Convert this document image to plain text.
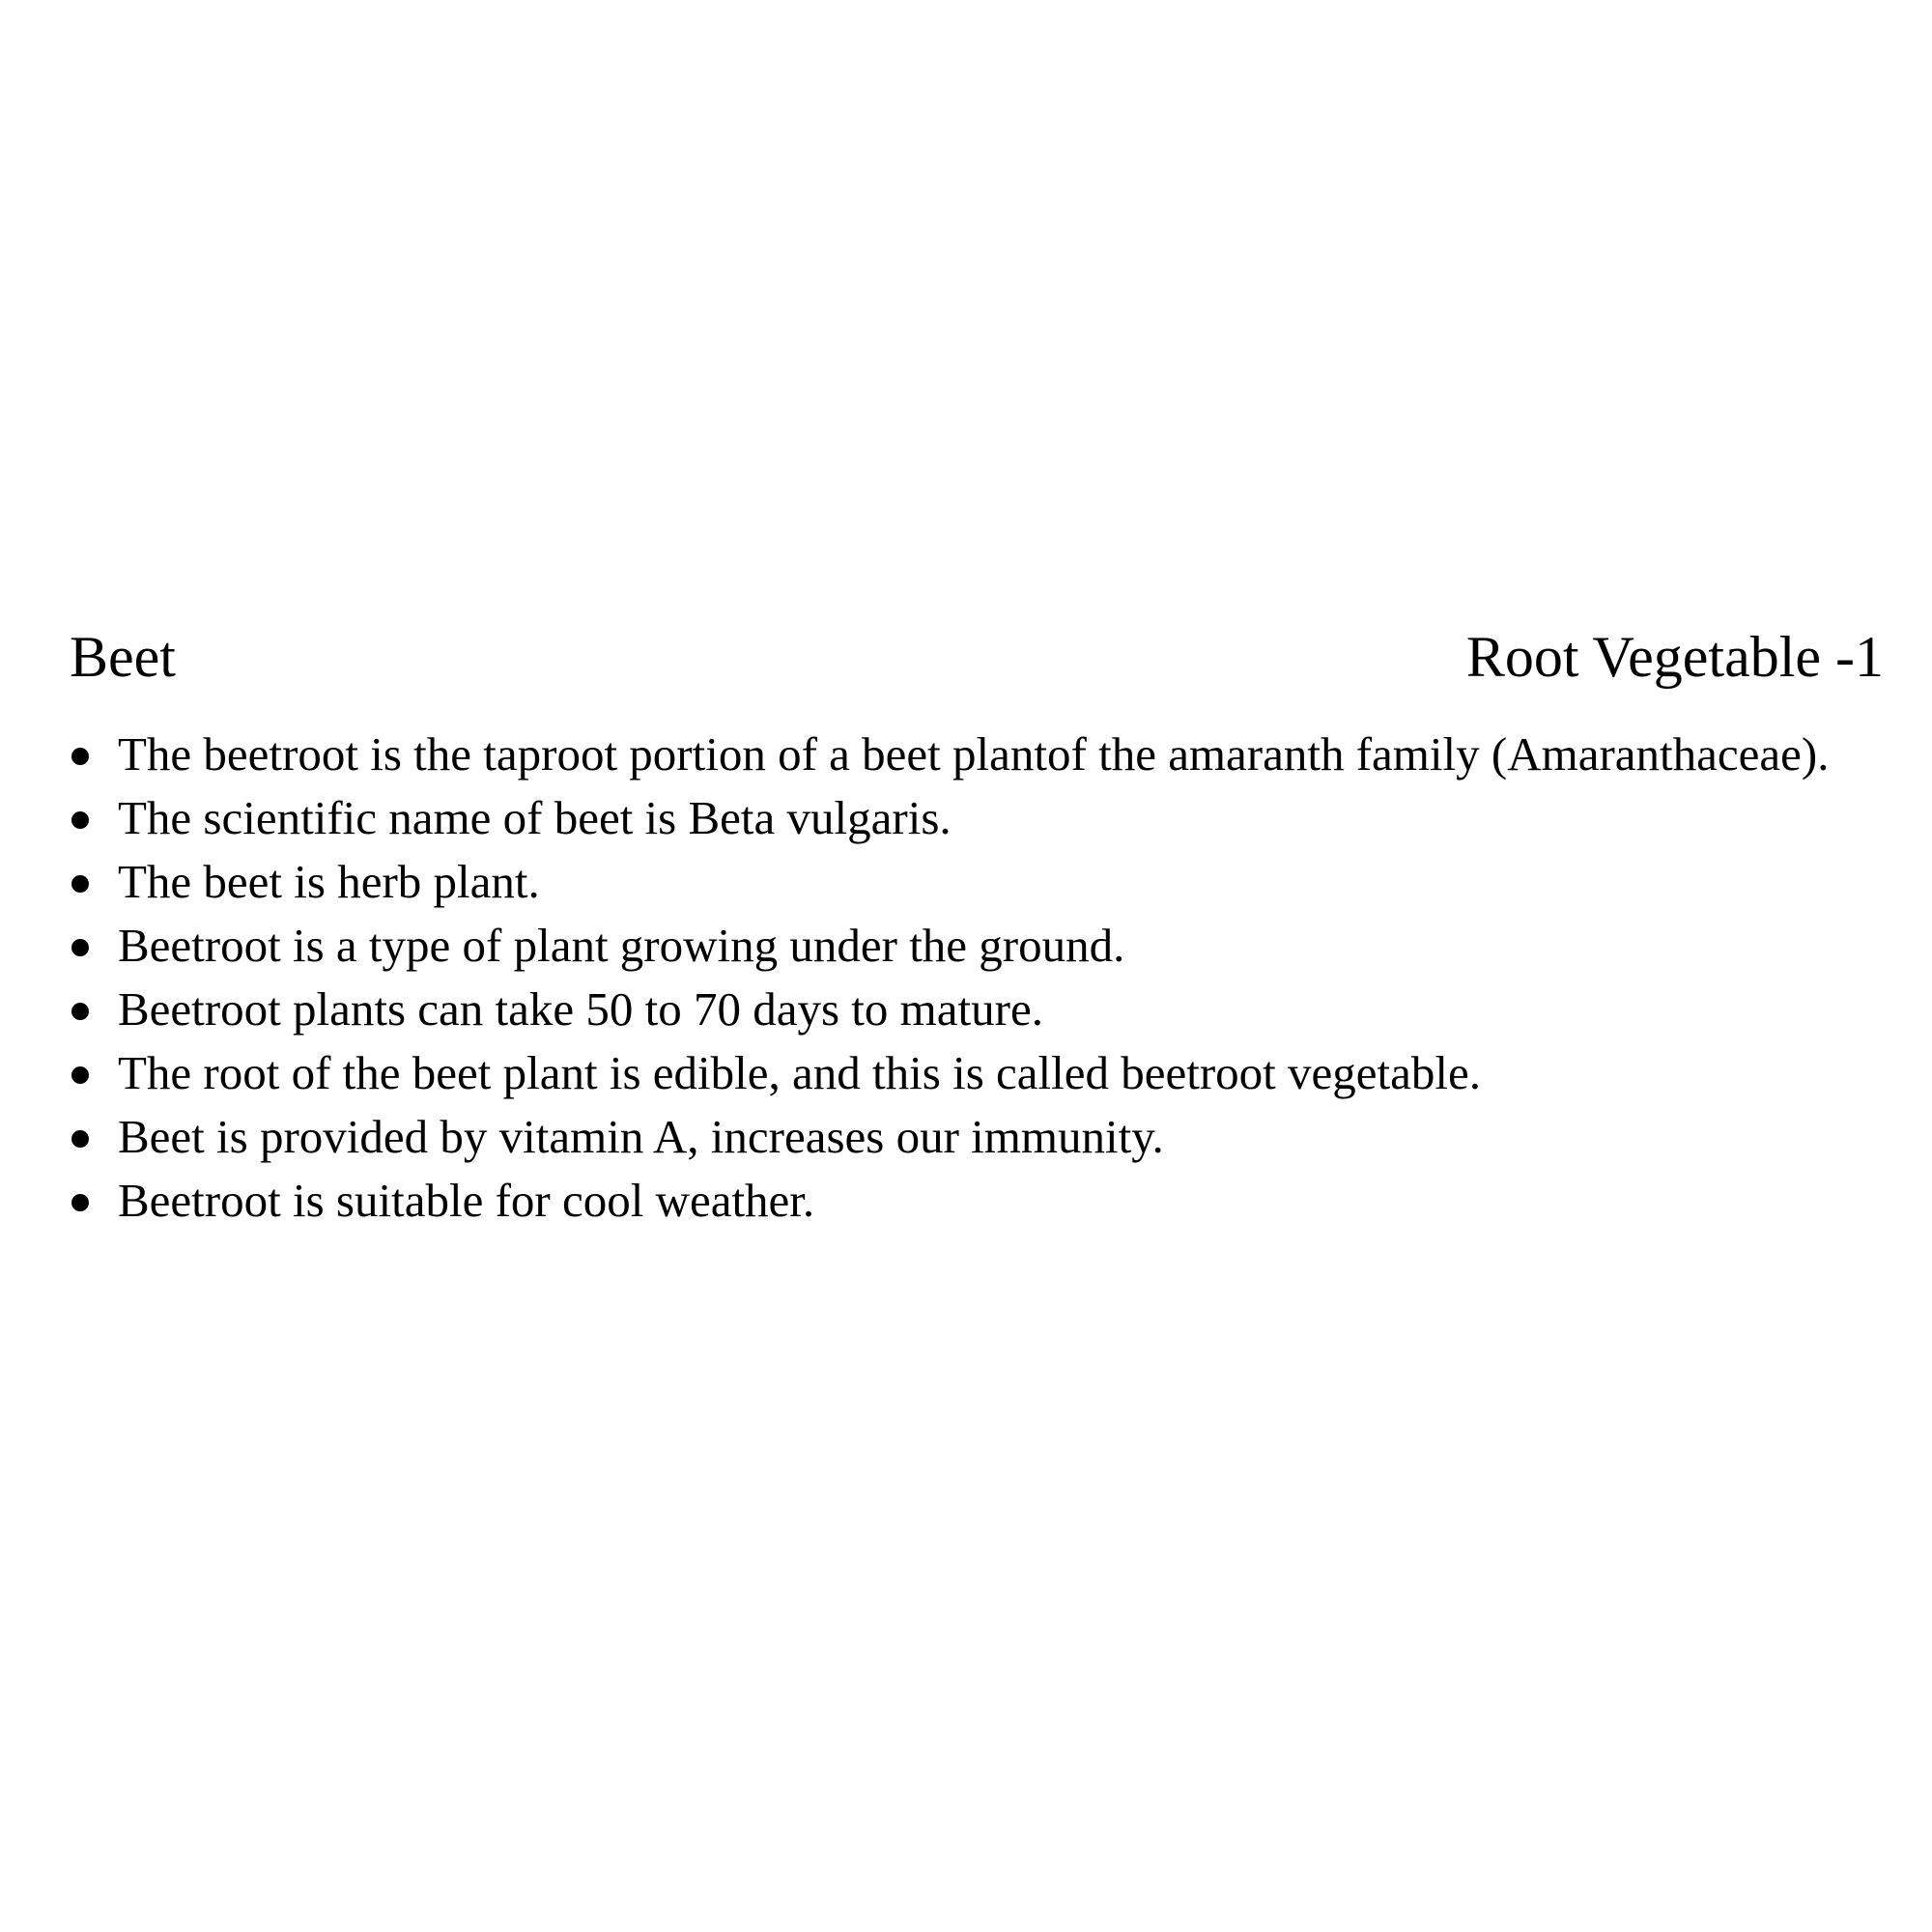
Beet	Root Vegetable -1
The beetroot is the taproot portion of a beet plantof the amaranth family (Amaranthaceae).
The scientific name of beet is Beta vulgaris.
The beet is herb plant.
Beetroot is a type of plant growing under the ground.
Beetroot plants can take 50 to 70 days to mature.
The root of the beet plant is edible, and this is called beetroot vegetable.
Beet is provided by vitamin A, increases our immunity.
Beetroot is suitable for cool weather.
